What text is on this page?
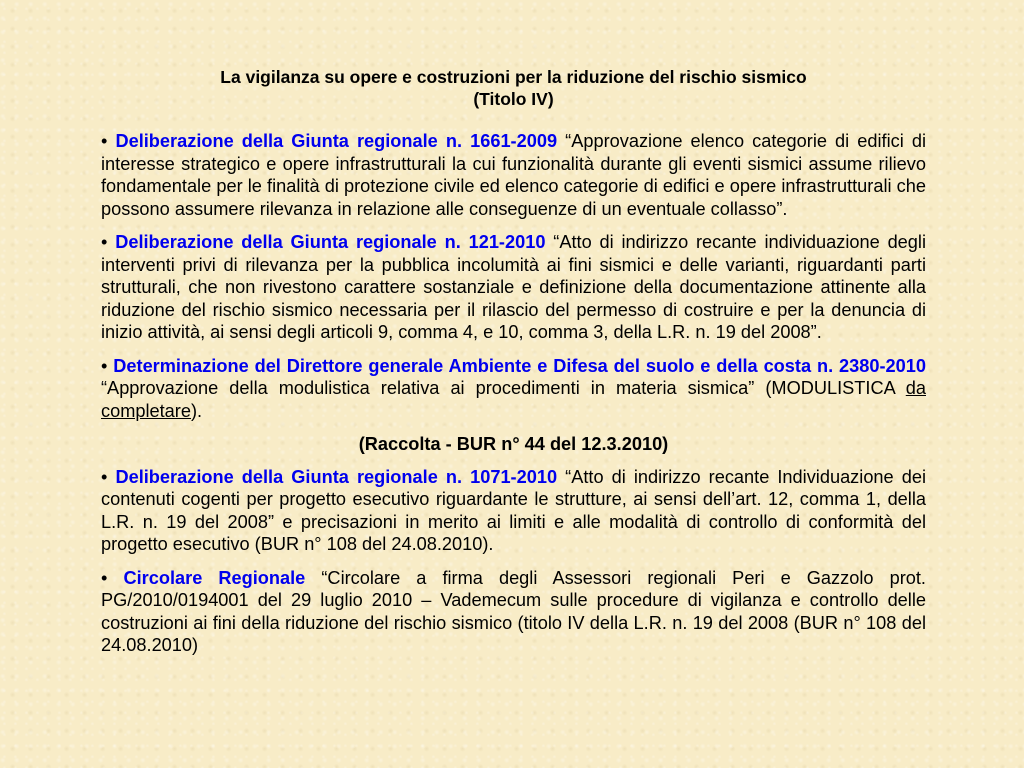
La vigilanza su opere e costruzioni per la riduzione del rischio sismico
(Titolo IV)

• Deliberazione della Giunta regionale n. 1661-2009 “Approvazione elenco categorie di edifici di interesse strategico e opere infrastrutturali la cui funzionalità durante gli eventi sismici assume rilievo fondamentale per le finalità di protezione civile ed elenco categorie di edifici e opere infrastrutturali che possono assumere rilevanza in relazione alle conseguenze di un eventuale collasso”.

• Deliberazione della Giunta regionale n. 121-2010 “Atto di indirizzo recante individuazione degli interventi privi di rilevanza per la pubblica incolumità ai fini sismici e delle varianti, riguardanti parti strutturali, che non rivestono carattere sostanziale e definizione della documentazione attinente alla riduzione del rischio sismico necessaria per il rilascio del permesso di costruire e per la denuncia di inizio attività, ai sensi degli articoli 9, comma 4, e 10, comma 3, della L.R. n. 19 del 2008”.

• Determinazione del Direttore generale Ambiente e Difesa del suolo e della costa n. 2380-2010 “Approvazione della modulistica relativa ai procedimenti in materia sismica” (MODULISTICA da completare).

(Raccolta - BUR n° 44 del 12.3.2010)

• Deliberazione della Giunta regionale n. 1071-2010 “Atto di indirizzo recante Individuazione dei contenuti cogenti per progetto esecutivo riguardante le strutture, ai sensi dell’art. 12, comma 1, della L.R. n. 19 del 2008” e precisazioni in merito ai limiti e alle modalità di controllo di conformità del progetto esecutivo (BUR n° 108 del 24.08.2010).

• Circolare Regionale “Circolare a firma degli Assessori regionali Peri e Gazzolo prot. PG/2010/0194001 del 29 luglio 2010 – Vademecum sulle procedure di vigilanza e controllo delle costruzioni ai fini della riduzione del rischio sismico (titolo IV della L.R. n. 19 del 2008 (BUR n° 108 del 24.08.2010)
